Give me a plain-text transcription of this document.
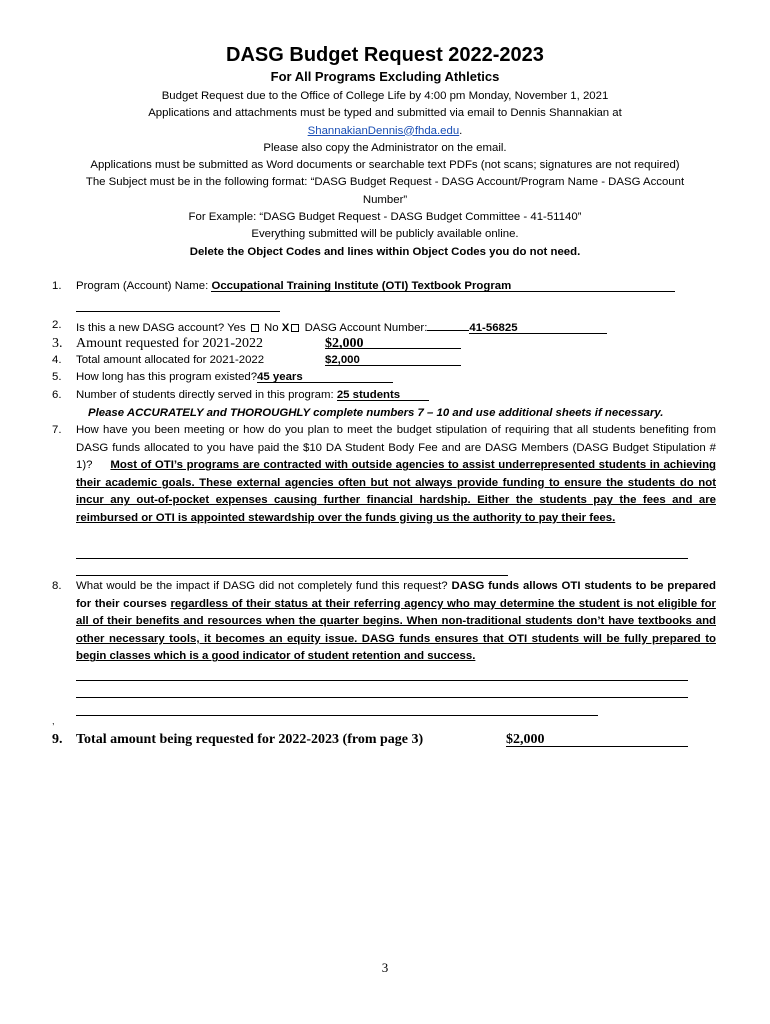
DASG Budget Request 2022-2023
For All Programs Excluding Athletics
Budget Request due to the Office of College Life by 4:00 pm Monday, November 1, 2021
Applications and attachments must be typed and submitted via email to Dennis Shannakian at
ShannakianDennis@fhda.edu.
Please also copy the Administrator on the email.
Applications must be submitted as Word documents or searchable text PDFs (not scans; signatures are not required)
The Subject must be in the following format: “DASG Budget Request - DASG Account/Program Name - DASG Account
Number”
For Example: “DASG Budget Request - DASG Budget Committee - 41-51140”
Everything submitted will be publicly available online.
Delete the Object Codes and lines within Object Codes you do not need.
1. Program (Account) Name: Occupational Training Institute (OTI) Textbook Program
2. Is this a new DASG account? Yes No X DASG Account Number:	41-56825
3. Amount requested for 2021-2022	$2,000
4. Total amount allocated for 2021-2022	$2,000
5. How long has this program existed?45 years
6. Number of students directly served in this program: 25 students
Please ACCURATELY and THOROUGHLY complete numbers 7 – 10 and use additional sheets if necessary.
7. How have you been meeting or how do you plan to meet the budget stipulation of requiring that all students benefiting from DASG funds allocated to you have paid the $10 DA Student Body Fee and are DASG Members (DASG Budget Stipulation # 1)? Most of OTI’s programs are contracted with outside agencies to assist underrepresented students in achieving their academic goals. These external agencies often but not always provide funding to ensure the students do not incur any out-of-pocket expenses causing further financial hardship. Either the students pay the fees and are reimbursed or OTI is appointed stewardship over the funds giving us the authority to pay their fees.
8. What would be the impact if DASG did not completely fund this request? DASG funds allows OTI students to be prepared for their courses regardless of their status at their referring agency who may determine the student is not eligible for all of their benefits and resources when the quarter begins. When non-traditional students don’t have textbooks and other necessary tools, it becomes an equity issue. DASG funds ensures that OTI students will be fully prepared to begin classes which is a good indicator of student retention and success.
,
9. Total amount being requested for 2022-2023 (from page 3)	$2,000
3
